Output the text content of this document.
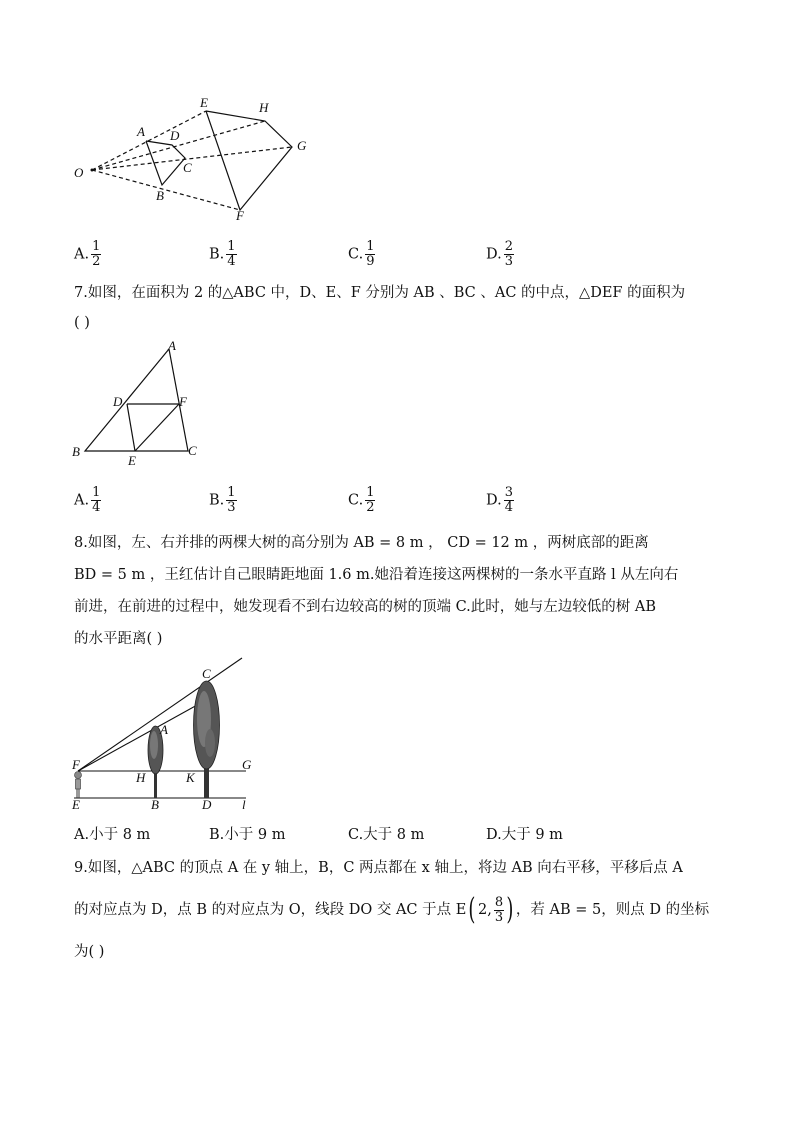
O
A
B
C
D
E
F
G
H
A. $\frac{1}{2}$	B. $\frac{1}{4}$	C. $\frac{1}{9}$	D. $\frac{2}{3}$
7.如图，在面积为 2 的△ABC 中，D、E、F 分别为 AB 、BC 、AC 的中点，△DEF 的面积为
( )
A
B	C
D
E
F
A. $\frac{1}{4}$	B. $\frac{1}{3}$	C. $\frac{1}{2}$	D. $\frac{3}{4}$
8.如图，左、右并排的两棵大树的高分别为 AB = 8 m ， CD = 12 m ，两树底部的距离
BD = 5 m ，王红估计自己眼睛距地面 1.6 m.她沿着连接这两棵树的一条水平直路 l 从左向右
前进，在前进的过程中，她发现看不到右边较高的树的顶端 C.此时，她与左边较低的树 AB
的水平距离( )
C
A
F
H	K
G
E	B	D l
A.小于 8 m	B.小于 9 m	C.大于 8 m	D.大于 9 m
9.如图，△ABC 的顶点 A 在 y 轴上，B，C 两点都在 x 轴上，将边 AB 向右平移，平移后点 A
的对应点为 D，点 B 的对应点为 O，线段 DO 交 AC 于点 E( 2, $\frac{8}{3}$ ) ，若 AB = 5，则点 D 的坐标
为( )
